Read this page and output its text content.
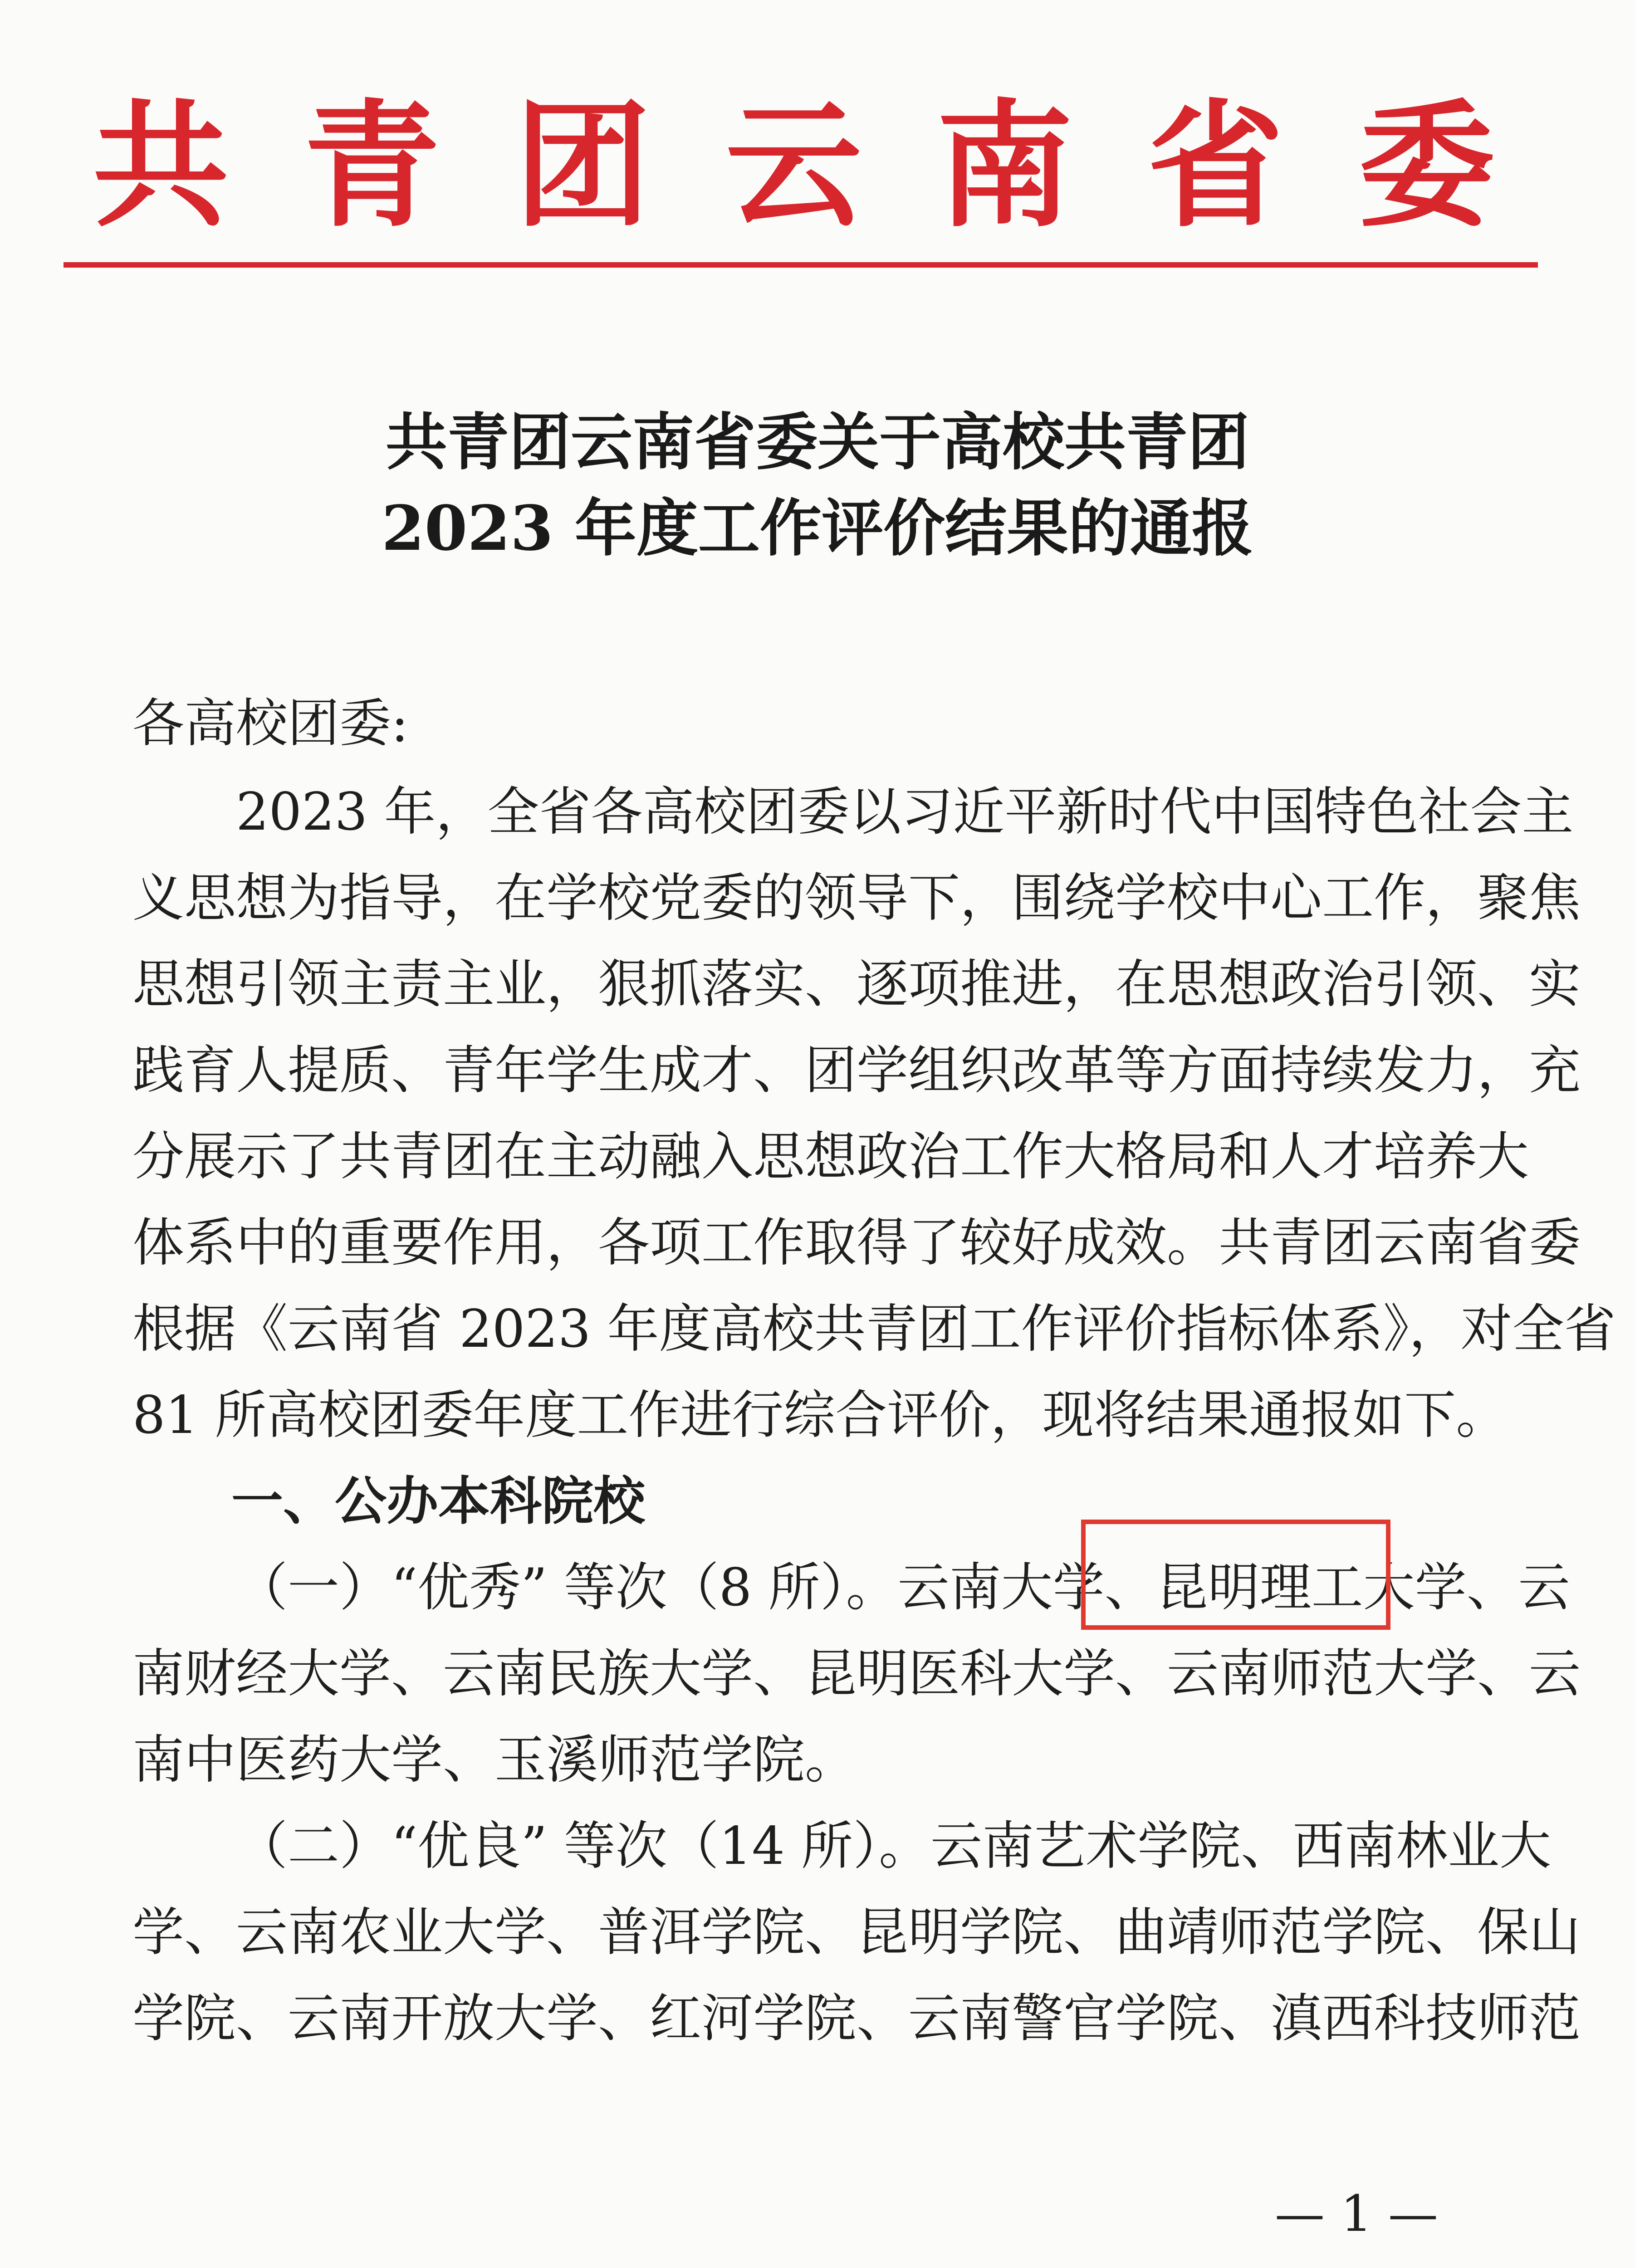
共青团云南省委
共青团云南省委关于高校共青团
2023 年度工作评价结果的通报
各高校团委:
2023 年，全省各高校团委以习近平新时代中国特色社会主
义思想为指导，在学校党委的领导下，围绕学校中心工作，聚焦
思想引领主责主业，狠抓落实、逐项推进，在思想政治引领、实
践育人提质、青年学生成才、团学组织改革等方面持续发力，充
分展示了共青团在主动融入思想政治工作大格局和人才培养大
体系中的重要作用，各项工作取得了较好成效。共青团云南省委
根据《云南省 2023 年度高校共青团工作评价指标体系》，对全省
81 所高校团委年度工作进行综合评价，现将结果通报如下。
一、公办本科院校
（一）“优秀” 等次（8 所）。云南大学、昆明理工大学、云
南财经大学、云南民族大学、昆明医科大学、云南师范大学、云
南中医药大学、玉溪师范学院。
（二）“优良” 等次（14 所）。云南艺术学院、西南林业大
学、云南农业大学、普洱学院、昆明学院、曲靖师范学院、保山
学院、云南开放大学、红河学院、云南警官学院、滇西科技师范
— 1 —
